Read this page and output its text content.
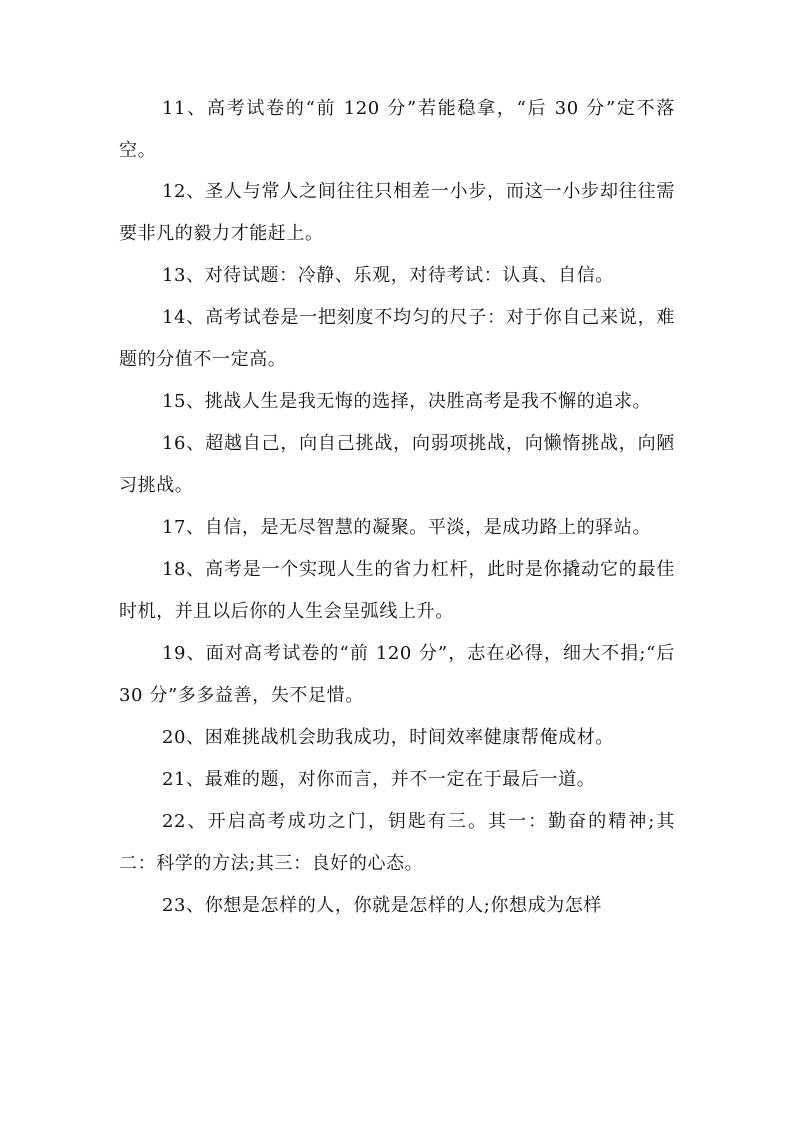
11、高考试卷的“前 120 分”若能稳拿，“后 30 分”定不落空。

12、圣人与常人之间往往只相差一小步，而这一小步却往往需要非凡的毅力才能赶上。

13、对待试题：冷静、乐观，对待考试：认真、自信。

14、高考试卷是一把刻度不均匀的尺子：对于你自己来说，难题的分值不一定高。

15、挑战人生是我无悔的选择，决胜高考是我不懈的追求。

16、超越自己，向自己挑战，向弱项挑战，向懒惰挑战，向陋习挑战。

17、自信，是无尽智慧的凝聚。平淡，是成功路上的驿站。

18、高考是一个实现人生的省力杠杆，此时是你撬动它的最佳时机，并且以后你的人生会呈弧线上升。

19、面对高考试卷的“前 120 分”，志在必得，细大不捐;“后 30 分”多多益善，失不足惜。

20、困难挑战机会助我成功，时间效率健康帮俺成材。

21、最难的题，对你而言，并不一定在于最后一道。

22、开启高考成功之门，钥匙有三。其一：勤奋的精神;其二：科学的方法;其三：良好的心态。

23、你想是怎样的人，你就是怎样的人;你想成为怎样
